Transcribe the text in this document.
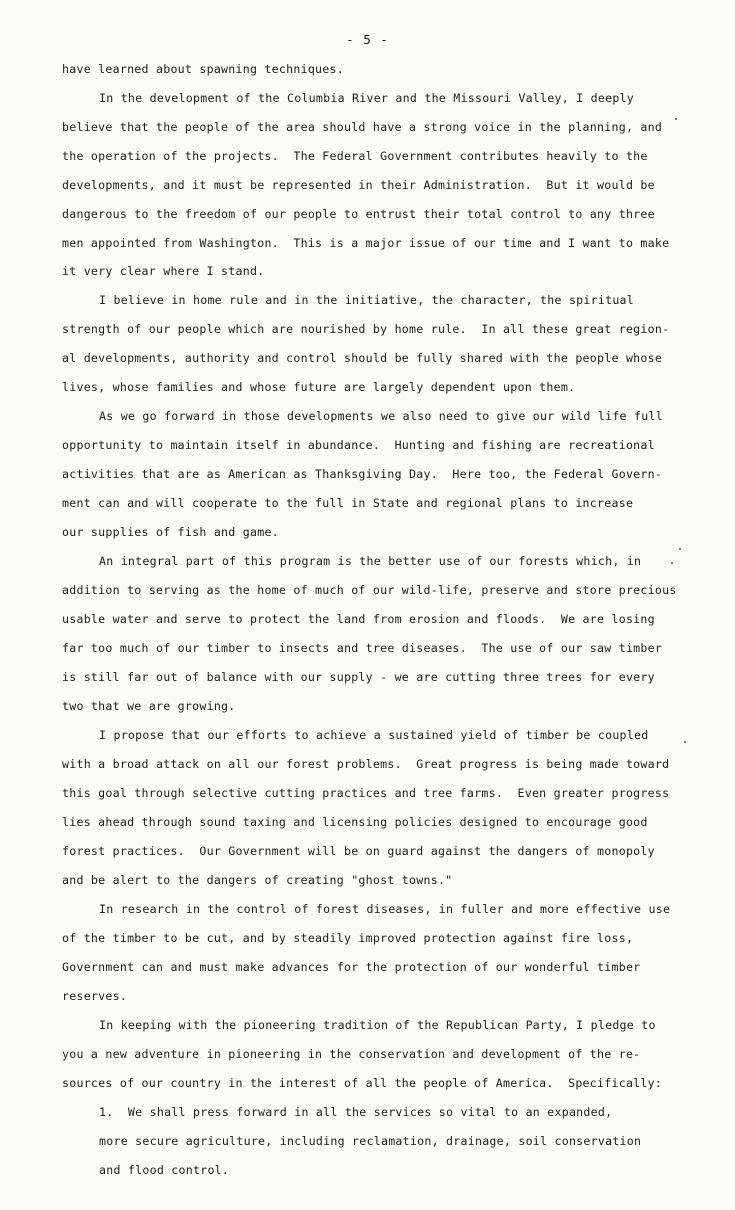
- 5 -
have learned about spawning techniques.
In the development of the Columbia River and the Missouri Valley, I deeply
believe that the people of the area should have a strong voice in the planning, and
the operation of the projects.  The Federal Government contributes heavily to the
developments, and it must be represented in their Administration.  But it would be
dangerous to the freedom of our people to entrust their total control to any three
men appointed from Washington.  This is a major issue of our time and I want to make
it very clear where I stand.
I believe in home rule and in the initiative, the character, the spiritual
strength of our people which are nourished by home rule.  In all these great region-
al developments, authority and control should be fully shared with the people whose
lives, whose families and whose future are largely dependent upon them.
As we go forward in those developments we also need to give our wild life full
opportunity to maintain itself in abundance.  Hunting and fishing are recreational
activities that are as American as Thanksgiving Day.  Here too, the Federal Govern-
ment can and will cooperate to the full in State and regional plans to increase
our supplies of fish and game.
An integral part of this program is the better use of our forests which, in
addition to serving as the home of much of our wild-life, preserve and store precious
usable water and serve to protect the land from erosion and floods.  We are losing
far too much of our timber to insects and tree diseases.  The use of our saw timber
is still far out of balance with our supply - we are cutting three trees for every
two that we are growing.
I propose that our efforts to achieve a sustained yield of timber be coupled
with a broad attack on all our forest problems.  Great progress is being made toward
this goal through selective cutting practices and tree farms.  Even greater progress
lies ahead through sound taxing and licensing policies designed to encourage good
forest practices.  Our Government will be on guard against the dangers of monopoly
and be alert to the dangers of creating "ghost towns."
In research in the control of forest diseases, in fuller and more effective use
of the timber to be cut, and by steadily improved protection against fire loss,
Government can and must make advances for the protection of our wonderful timber
reserves.
In keeping with the pioneering tradition of the Republican Party, I pledge to
you a new adventure in pioneering in the conservation and development of the re-
sources of our country in the interest of all the people of America.  Specifically:
1.  We shall press forward in all the services so vital to an expanded,
more secure agriculture, including reclamation, drainage, soil conservation
and flood control.
